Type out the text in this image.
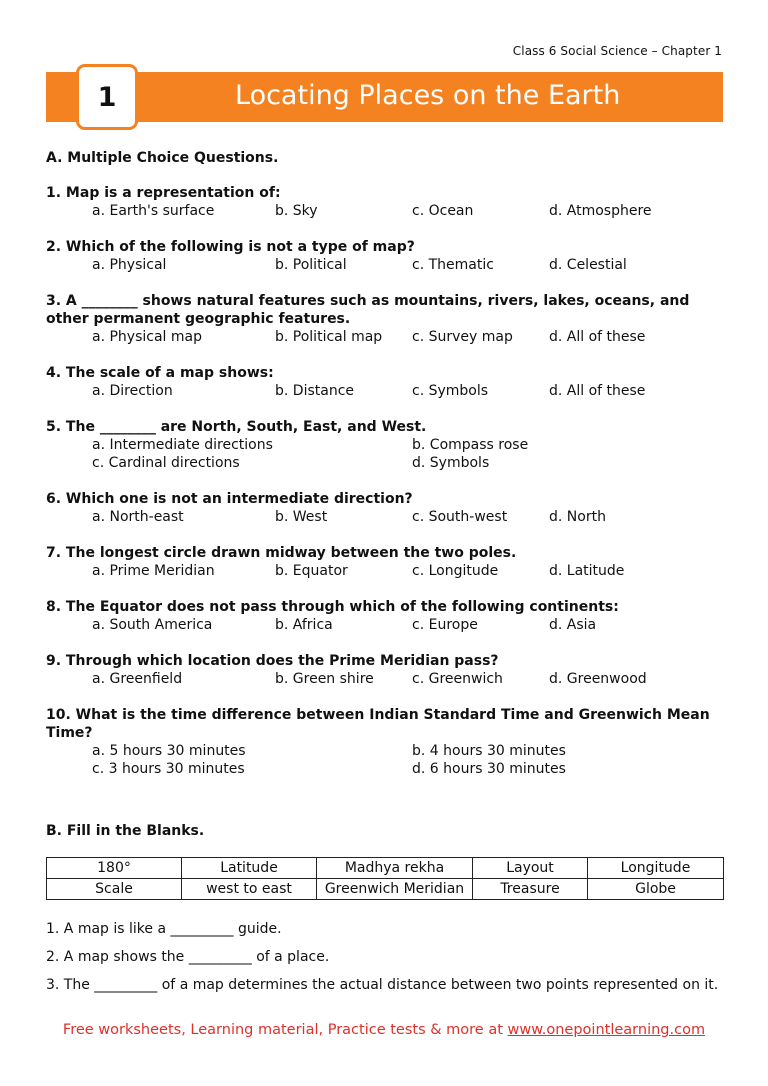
Class 6 Social Science – Chapter 1
1	Locating Places on the Earth
A. Multiple Choice Questions.
1. Map is a representation of:
a. Earth's surface	b. Sky	c. Ocean	d. Atmosphere
2. Which of the following is not a type of map?
a. Physical	b. Political	c. Thematic	d. Celestial
3. A ________ shows natural features such as mountains, rivers, lakes, oceans, and other permanent geographic features.
a. Physical map	b. Political map	c. Survey map	d. All of these
4. The scale of a map shows:
a. Direction	b. Distance	c. Symbols	d. All of these
5. The ________ are North, South, East, and West.
a. Intermediate directions	b. Compass rose
c. Cardinal directions	d. Symbols
6. Which one is not an intermediate direction?
a. North-east	b. West	c. South-west	d. North
7. The longest circle drawn midway between the two poles.
a. Prime Meridian	b. Equator	c. Longitude	d. Latitude
8. The Equator does not pass through which of the following continents:
a. South America	b. Africa	c. Europe	d. Asia
9. Through which location does the Prime Meridian pass?
a. Greenfield	b. Green shire	c. Greenwich	d. Greenwood
10. What is the time difference between Indian Standard Time and Greenwich Mean Time?
a. 5 hours 30 minutes	b. 4 hours 30 minutes
c. 3 hours 30 minutes	d. 6 hours 30 minutes
B. Fill in the Blanks.
180°	Latitude	Madhya rekha	Layout	Longitude
Scale	west to east	Greenwich Meridian	Treasure	Globe
1. A map is like a _________ guide.
2. A map shows the _________ of a place.
3. The _________ of a map determines the actual distance between two points represented on it.
Free worksheets, Learning material, Practice tests & more at www.onepointlearning.com
